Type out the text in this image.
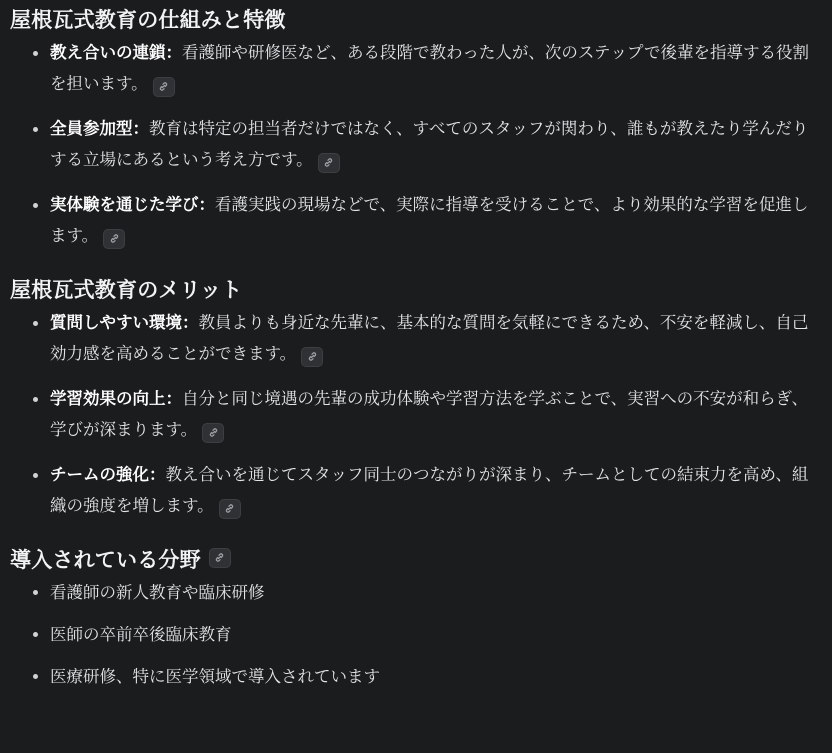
屋根瓦式教育の仕組みと特徴
教え合いの連鎖：看護師や研修医など、ある段階で教わった人が、次のステップで後輩を指導する役割を担います。
全員参加型：教育は特定の担当者だけではなく、すべてのスタッフが関わり、誰もが教えたり学んだりする立場にあるという考え方です。
実体験を通じた学び：看護実践の現場などで、実際に指導を受けることで、より効果的な学習を促進します。
屋根瓦式教育のメリット
質問しやすい環境：教員よりも身近な先輩に、基本的な質問を気軽にできるため、不安を軽減し、自己効力感を高めることができます。
学習効果の向上：自分と同じ境遇の先輩の成功体験や学習方法を学ぶことで、実習への不安が和らぎ、学びが深まります。
チームの強化：教え合いを通じてスタッフ同士のつながりが深まり、チームとしての結束力を高め、組織の強度を増します。
導入されている分野
看護師の新人教育や臨床研修
医師の卒前卒後臨床教育
医療研修、特に医学領域で導入されています
